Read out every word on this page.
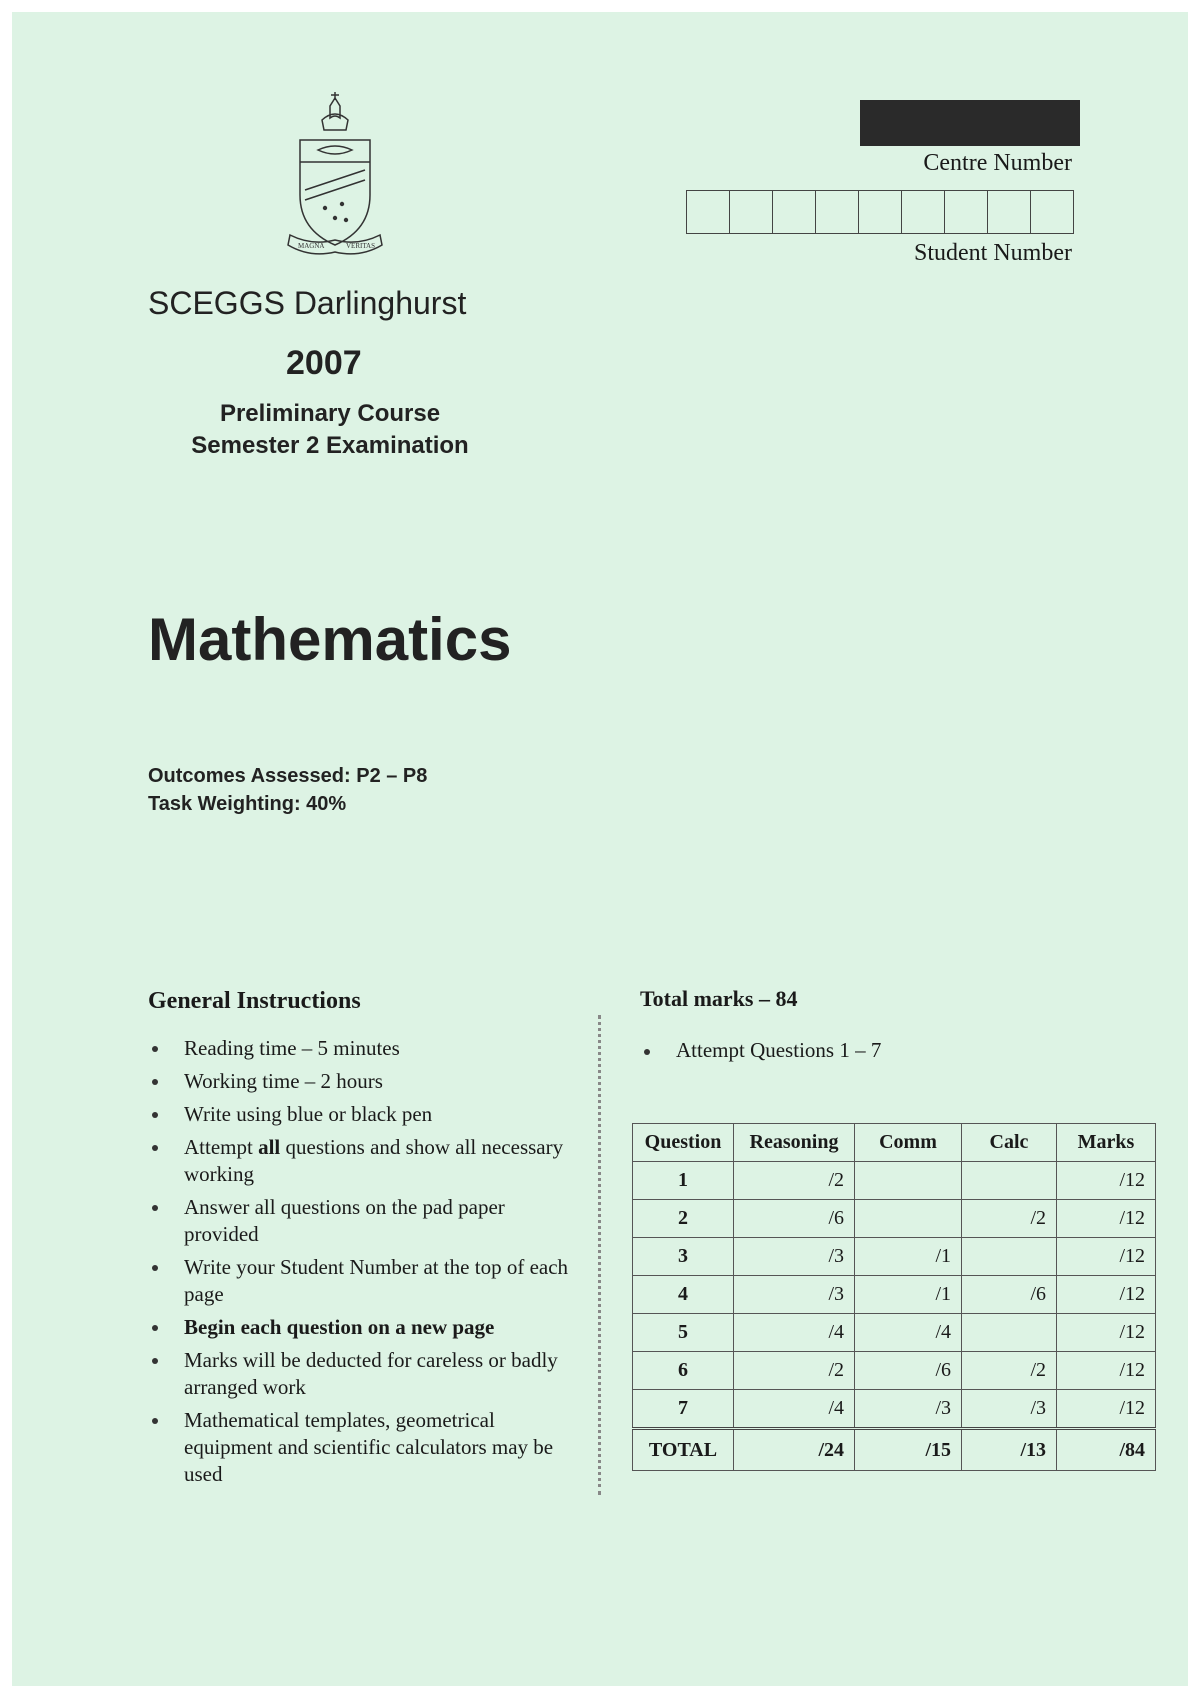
MAGNA	VERITAS
SCEGGS Darlinghurst
2007
Preliminary Course
Semester 2 Examination
Centre Number
Student Number
Mathematics
Outcomes Assessed: P2 – P8
Task Weighting: 40%
General Instructions
Reading time – 5 minutes
Working time – 2 hours
Write using blue or black pen
Attempt all questions and show all necessary working
Answer all questions on the pad paper provided
Write your Student Number at the top of each page
Begin each question on a new page
Marks will be deducted for careless or badly arranged work
Mathematical templates, geometrical equipment and scientific calculators may be used
Total marks – 84
Attempt Questions 1 – 7
Question	Reasoning	Comm	Calc	Marks
1	/2			/12
2	/6		/2	/12
3	/3	/1		/12
4	/3	/1	/6	/12
5	/4	/4		/12
6	/2	/6	/2	/12
7	/4	/3	/3	/12
TOTAL	/24	/15	/13	/84
